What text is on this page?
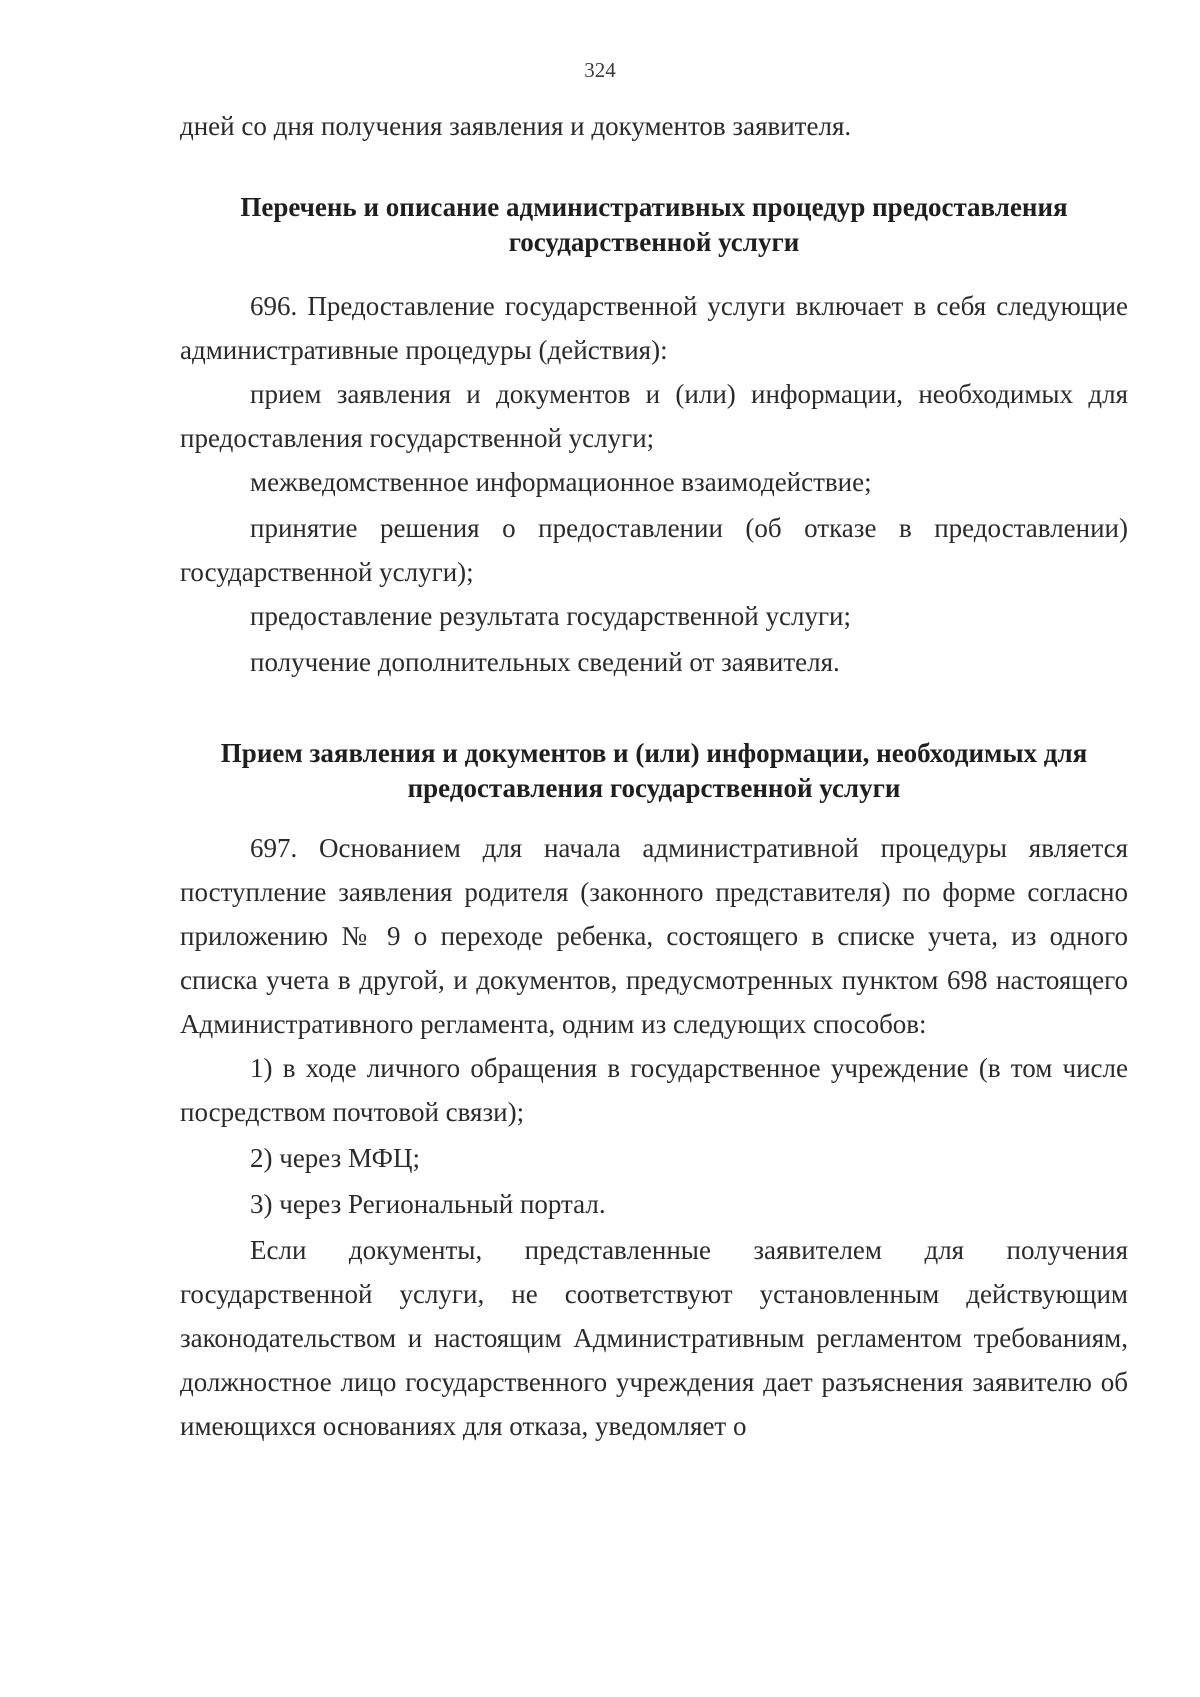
324

дней со дня получения заявления и документов заявителя.

Перечень и описание административных процедур предоставления государственной услуги

696. Предоставление государственной услуги включает в себя следующие административные процедуры (действия):

прием заявления и документов и (или) информации, необходимых для предоставления государственной услуги;

межведомственное информационное взаимодействие;

принятие решения о предоставлении (об отказе в предоставлении) государственной услуги);

предоставление результата государственной услуги;

получение дополнительных сведений от заявителя.

Прием заявления и документов и (или) информации, необходимых для предоставления государственной услуги

697. Основанием для начала административной процедуры является поступление заявления родителя (законного представителя) по форме согласно приложению № 9 о переходе ребенка, состоящего в списке учета, из одного списка учета в другой, и документов, предусмотренных пунктом 698 настоящего Административного регламента, одним из следующих способов:

1) в ходе личного обращения в государственное учреждение (в том числе посредством почтовой связи);

2) через МФЦ;

3) через Региональный портал.

Если документы, представленные заявителем для получения государственной услуги, не соответствуют установленным действующим законодательством и настоящим Административным регламентом требованиям, должностное лицо государственного учреждения дает разъяснения заявителю об имеющихся основаниях для отказа, уведомляет о
